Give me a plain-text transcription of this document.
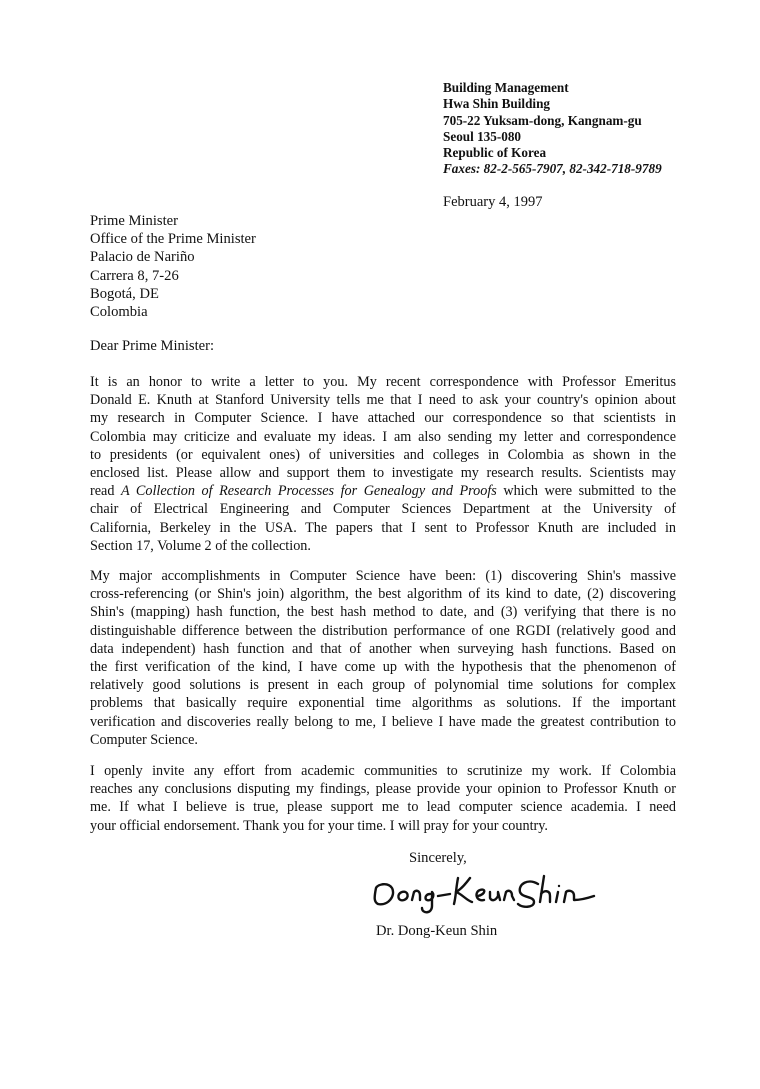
Building Management
Hwa Shin Building
705-22 Yuksam-dong, Kangnam-gu
Seoul 135-080
Republic of Korea
Faxes: 82-2-565-7907, 82-342-718-9789
February 4, 1997
Prime Minister
Office of the Prime Minister
Palacio de Nariño
Carrera 8, 7-26
Bogotá, DE
Colombia
Dear Prime Minister:
It is an honor to write a letter to you. My recent correspondence with Professor Emeritus
Donald E. Knuth at Stanford University tells me that I need to ask your country's opinion about
my research in Computer Science. I have attached our correspondence so that scientists in
Colombia may criticize and evaluate my ideas. I am also sending my letter and correspondence
to presidents (or equivalent ones) of universities and colleges in Colombia as shown in the
enclosed list. Please allow and support them to investigate my research results. Scientists may
read A Collection of Research Processes for Genealogy and Proofs which were submitted to the
chair of Electrical Engineering and Computer Sciences Department at the University of
California, Berkeley in the USA. The papers that I sent to Professor Knuth are included in
Section 17, Volume 2 of the collection.
My major accomplishments in Computer Science have been: (1) discovering Shin's massive
cross-referencing (or Shin's join) algorithm, the best algorithm of its kind to date, (2) discovering
Shin's (mapping) hash function, the best hash method to date, and (3) verifying that there is no
distinguishable difference between the distribution performance of one RGDI (relatively good and
data independent) hash function and that of another when surveying hash functions. Based on
the first verification of the kind, I have come up with the hypothesis that the phenomenon of
relatively good solutions is present in each group of polynomial time solutions for complex
problems that basically require exponential time algorithms as solutions. If the important
verification and discoveries really belong to me, I believe I have made the greatest contribution to
Computer Science.
I openly invite any effort from academic communities to scrutinize my work. If Colombia
reaches any conclusions disputing my findings, please provide your opinion to Professor Knuth or
me. If what I believe is true, please support me to lead computer science academia. I need
your official endorsement. Thank you for your time. I will pray for your country.
Sincerely,
Dr. Dong-Keun Shin
